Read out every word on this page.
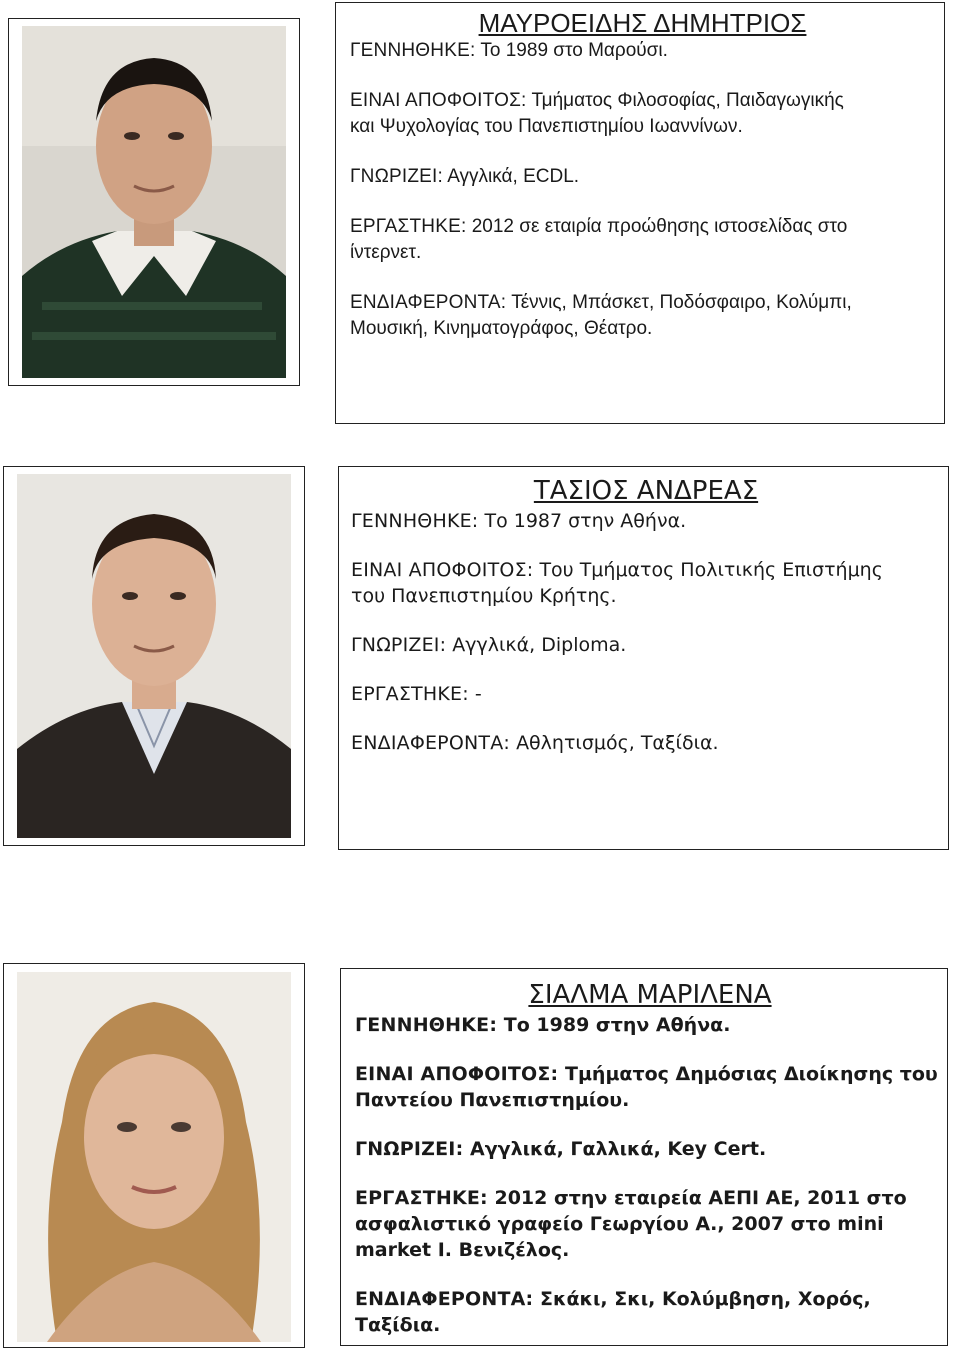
ΜΑΥΡΟΕΙΔΗΣ ΔΗΜΗΤΡΙΟΣ

ΓΕΝΝΗΘΗΚΕ: Το 1989 στο Μαρούσι.

ΕΙΝΑΙ ΑΠΟΦΟΙΤΟΣ: Τμήματος Φιλοσοφίας, Παιδαγωγικής

και Ψυχολογίας του Πανεπιστημίου Ιωαννίνων.

ΓΝΩΡΙΖΕΙ: Αγγλικά, ECDL.

ΕΡΓΑΣΤΗΚΕ: 2012 σε εταιρία προώθησης ιστοσελίδας στο

ίντερνετ.

ΕΝΔΙΑΦΕΡΟΝΤΑ: Τέννις, Μπάσκετ, Ποδόσφαιρο, Κολύμπι,

Μουσική, Κινηματογράφος, Θέατρο.

ΤΑΣΙΟΣ ΑΝΔΡΕΑΣ

ΓΕΝΝΗΘΗΚΕ: Το 1987 στην Αθήνα.

ΕΙΝΑΙ ΑΠΟΦΟΙΤΟΣ: Του Τμήματος Πολιτικής Επιστήμης

του Πανεπιστημίου Κρήτης.

ΓΝΩΡΙΖΕΙ: Αγγλικά, Diploma.

ΕΡΓΑΣΤΗΚΕ: -

ΕΝΔΙΑΦΕΡΟΝΤΑ: Αθλητισμός, Ταξίδια.

ΣΙΑΛΜΑ ΜΑΡΙΛΕΝΑ

ΓΕΝΝΗΘΗΚΕ: Το 1989 στην Αθήνα.

ΕΙΝΑΙ ΑΠΟΦΟΙΤΟΣ: Τμήματος Δημόσιας Διοίκησης του

Παντείου Πανεπιστημίου.

ΓΝΩΡΙΖΕΙ: Αγγλικά, Γαλλικά, Key Cert.

ΕΡΓΑΣΤΗΚΕ: 2012 στην εταιρεία ΑΕΠΙ ΑΕ, 2011 στο

ασφαλιστικό γραφείο Γεωργίου Α., 2007 στο mini

market Ι. Βενιζέλος.

ΕΝΔΙΑΦΕΡΟΝΤΑ: Σκάκι, Σκι, Κολύμβηση, Χορός, Ταξίδια.
